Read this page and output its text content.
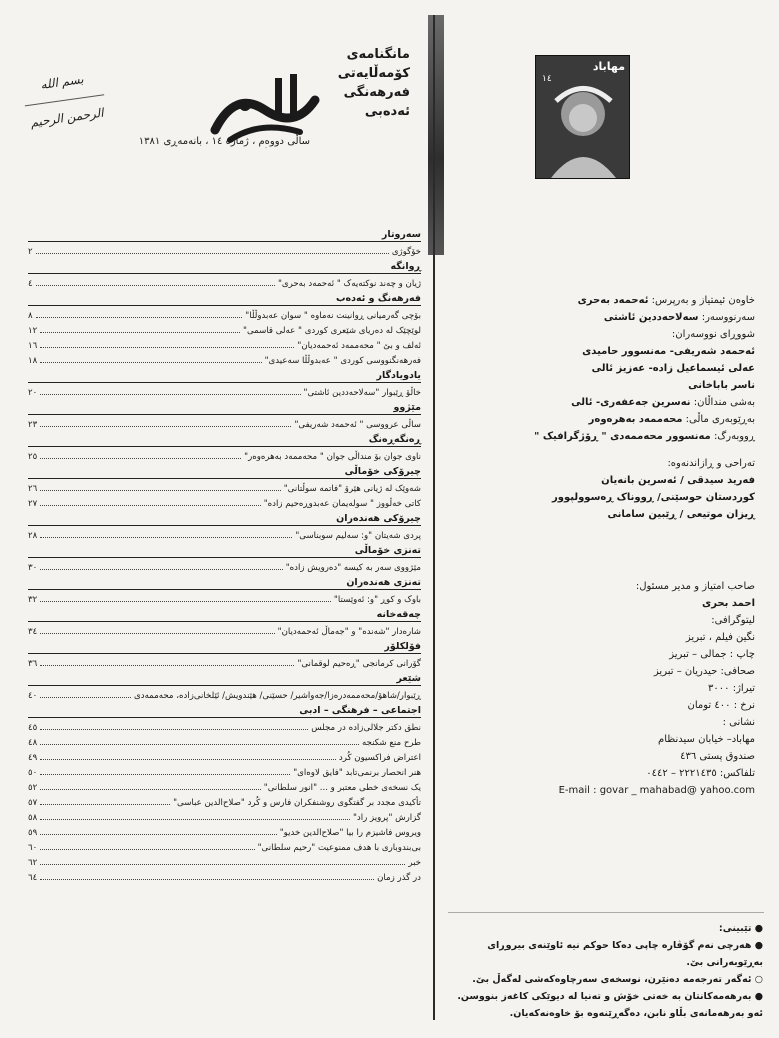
بسم الله الرحمن الرحیم
مهاباد
مانگنامەی
کۆمەڵایەتی
فەرهەنگی
ئەدەبی
ساڵی دووەم ، ژمارە ١٤ ، بانەمەڕی ١٣٨١
مهاباد
١٤
سەروتار
خۆگوژی
٢
ڕوانگە
ژیان و چەند نوکتەیەک " ئەحمەد بەحری"
٤
فەرهەنگ و ئەدەب
بۆچی گەرمیانی ڕوانینت نەماوە " سوان عەبدوڵڵا"
٨
لوێچێک لە دەریای شێعری کوردی " عەلی قاسمی"
١٢
ئەلف و بێ " محەممەد ئەحمەدیان"
١٦
فەرهەنگنووسی کوردی " عەبدوڵڵا سەعیدی"
١٨
یادویادگار
خاڵۆ ڕێبوار "سەلاحەددین ئاشتی"
٢٠
مێژوو
ساڵی عرووسی " ئەحمەد شەریفی"
٢٣
ڕەنگەڕەنگ
ناوی جوان بۆ منداڵی جوان " محەممەد بەهرەوەر"
٢٥
چیرۆکی خۆماڵی
شەوێک لە ژیانی هێرۆ "فاتمە سوڵتانی"
٢٦
کاتی خەڵووز " سولەیمان عەبدوڕەحیم زادە"
٢٧
چیرۆکی هەندەران
پردی شەیتان "و: سەلیم سوبناسی"
٢٨
تەنزی خۆماڵی
مێژووی سەر بە کیسە "دەرویش زادە"
٣٠
تەنزی هەندەران
باوک و کوڕ "و: ئەوێستا"
٣٢
چەقەخانە
شارەدار "شەندە" و "جەماڵ ئەحمەدیان"
٣٤
فۆلکلۆر
گۆرانی کرمانجی "ڕەحیم لوقمانی"
٣٦
شێعر
ڕێبوار/شاهۆ/محەممەدرەزا/جەواشیر/ حسێنی/ هێندویش/ ئێلخانی‌زادە، محەممەدی
٤٠
اجتماعی – فرهنگی – ادبی
نطق دکتر جلالی‌زاده در مجلس
٤٥
طرح منع شکنجه
٤٨
اعتراض فراکسیون کُرد
٤٩
هنر انحصار برنمی‌تابد "فایق لاوەای"
٥٠
یک نسخه‌ی خطی معتبر و ... "انور سلطانی"
٥٢
تأکیدی مجدد بر گفتگوی روشنفکران فارس و کُرد "صلاح‌الدین عباسی"
٥٧
گزارش "پرویز راد"
٥٨
ویروس فاشیزم را بیا "صلاح‌الدین خدیو"
٥٩
بی‌بندوباری با هدف ممنوعیت "رحیم سلطانی"
٦٠
خبر
٦٢
در گذر زمان
٦٤
خاوەن ئیمتیاز و بەرپرس: ئەحمەد بەحری
سەرنووسەر: سەلاحەددین ئاشتی
شووڕای نووسەران:
ئەحمەد شەریفی- مەنسوور حامیدی
عەلی ئیسماعیل زادە- عەزیز ئالی
ناسر باباخانی
بەشی منداڵان: نەسرین جەعفەری- ئالی
بەڕێوبەری ماڵی: محەممەد بەهرەوەر
ڕووبەرگ: مەنسوور محەممەدی " ڕۆژگرافیک "
تەراحی و ڕازاندنەوە:
فەرید سیدقی / ئەسرین بانەیان
کوردستان حوسێنی/ ڕووناک ڕەسوولپوور
ڕیزان موتیعی / ڕێبین سامانی
صاحب امتیاز و مدیر مسئول:
احمد بحری
لیتوگرافی:
نگین فیلم ، تبریز
چاپ : جمالی – تبریز
صحافی: حیدریان – تبریز
تیراژ: ٣٠٠٠
نرخ : ٤٠٠ تومان
نشانی :
مهاباد– خیابان سیدنظام
صندوق پستی ٤٣٦
تلفاکس: ٢٢٢١٤٣٥ – ٠٤٤٢
E-mail : govar _ mahabad@ yahoo.com
● تێبینی:
● هەرچی نەم گۆڤارە چاپی دەکا حوکم نیە ئاوێنەی بیروڕای بەڕێوبەرانی بێ.
○ ئەگەر تەرجەمە دەنێرن، نوسخەی سەرچاوەکەشی لەگەڵ بێ.
● بەرهەمەکانتان بە خەتی خۆش و تەنیا لە دیوێکی کاغەز بنووسن.
ئەو بەرهەمانەی بڵاو نابن، دەگەڕێنەوە بۆ خاوەنەکەیان.
